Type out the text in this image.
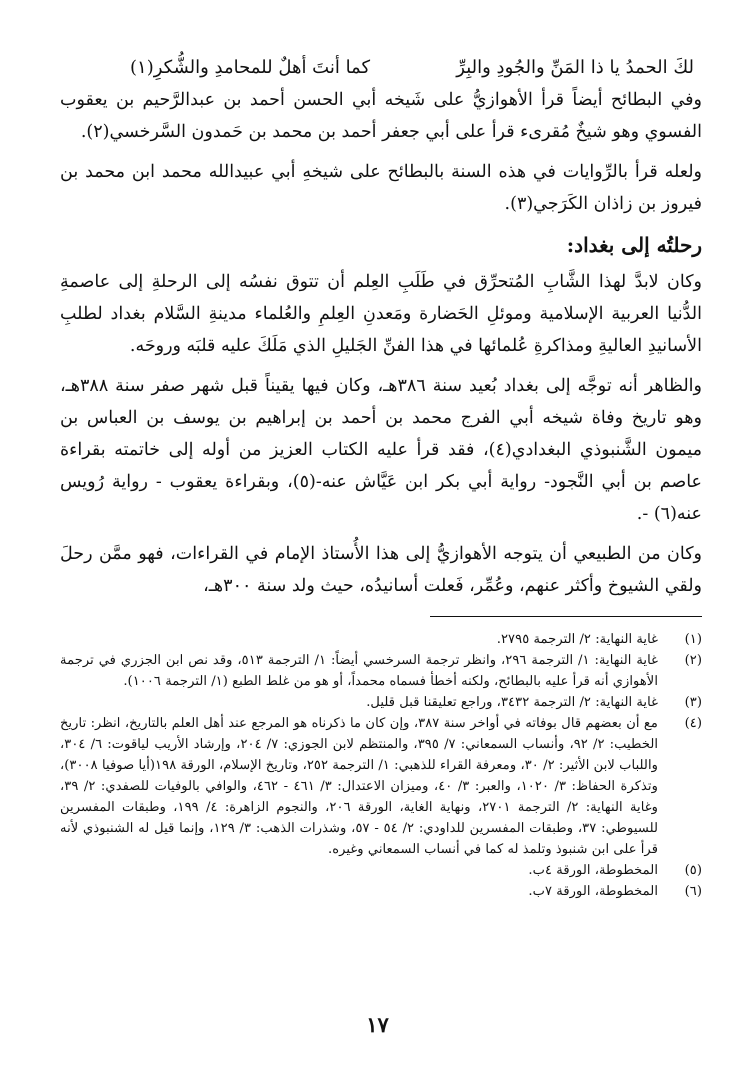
لكَ الحمدُ يا ذا المَنِّ والجُودِ والبِرِّ
كما أنتَ أهلٌ للمحامدِ والشُّكرِ(١)

وفي البطائح أيضاً قرأ الأهوازيُّ على شَيخه أبي الحسن أحمد بن عبدالرَّحيم بن يعقوب الفسوي وهو شيخٌ مُقرىء قرأ على أبي جعفر أحمد بن محمد بن حَمدون السَّرخسي(٢).

ولعله قرأ بالرِّوايات في هذه السنة بالبطائح على شيخهِ أبي عبيدالله محمد ابن محمد بن فيروز بن زاذان الكَرَجي(٣).

رحلتُه إلى بغداد:

وكان لابدَّ لهذا الشَّابِ المُتحرِّق في طَلَبِ العِلم أن تتوق نفسُه إلى الرحلةِ إلى عاصمةِ الدُّنيا العربية الإسلامية وموئلِ الحَضارة ومَعدنِ العِلمِ والعُلماء مدينةِ السَّلام بغداد لطلبِ الأسانيدِ العاليةِ ومذاكرةِ عُلمائها في هذا الفنِّ الجَليلِ الذي مَلَكَ عليه قلبَه وروحَه.

والظاهر أنه توجَّه إلى بغداد بُعيد سنة ٣٨٦هـ، وكان فيها يقيناً قبل شهر صفر سنة ٣٨٨هـ، وهو تاريخ وفاة شيخه أبي الفرج محمد بن أحمد بن إبراهيم بن يوسف بن العباس بن ميمون الشَّنبوذي البغدادي(٤)، فقد قرأ عليه الكتاب العزيز من أوله إلى خاتمته بقراءة عاصم بن أبي النَّجود- رواية أبي بكر ابن عَيَّاش عنه-(٥)، وبقراءة يعقوب - رواية رُويس عنه(٦) -.

وكان من الطبيعي أن يتوجه الأهوازيُّ إلى هذا الأُستاذ الإمام في القراءات، فهو ممَّن رحلَ ولقي الشيوخ وأكثر عنهم، وعُمِّر، فَعلت أسانيدُه، حيث ولد سنة ٣٠٠هـ،

(١)
غاية النهاية: ٢/ الترجمة ٢٧٩٥.
(٢)
غاية النهاية: ١/ الترجمة ٢٩٦، وانظر ترجمة السرخسي أيضاً: ١/ الترجمة ٥١٣، وقد نص ابن الجزري في ترجمة الأهوازي أنه قرأ عليه بالبطائح، ولكنه أخطأ فسماه محمداً، أو هو من غلط الطبع (١/ الترجمة ١٠٠٦).
(٣)
غاية النهاية: ٢/ الترجمة ٣٤٣٢، وراجع تعليقنا قبل قليل.
(٤)
مع أن بعضهم قال بوفاته في أواخر سنة ٣٨٧، وإن كان ما ذكرناه هو المرجع عند أهل العلم بالتاريخ، انظر: تاريخ الخطيب: ٢/ ٩٢، وأنساب السمعاني: ٧/ ٣٩٥، والمنتظم لابن الجوزي: ٧/ ٢٠٤، وإرشاد الأريب لياقوت: ٦/ ٣٠٤، واللباب لابن الأثير: ٢/ ٣٠، ومعرفة القراء للذهبي: ١/ الترجمة ٢٥٢، وتاريخ الإسلام، الورقة ١٩٨(أيا صوفيا ٣٠٠٨)، وتذكرة الحفاظ: ٣/ ١٠٢٠، والعبر: ٣/ ٤٠، وميزان الاعتدال: ٣/ ٤٦١ - ٤٦٢، والوافي بالوفيات للصفدي: ٢/ ٣٩، وغاية النهاية: ٢/ الترجمة ٢٧٠١، ونهاية الغاية، الورقة ٢٠٦، والنجوم الزاهرة: ٤/ ١٩٩، وطبقات المفسرين للسيوطي: ٣٧، وطبقات المفسرين للداودي: ٢/ ٥٤ - ٥٧، وشذرات الذهب: ٣/ ١٢٩، وإنما قيل له الشنبوذي لأنه قرأ على ابن شنبوذ وتلمذ له كما في أنساب السمعاني وغيره.
(٥)
المخطوطة، الورقة ٤ب.
(٦)
المخطوطة، الورقة ٧ب.
١٧
